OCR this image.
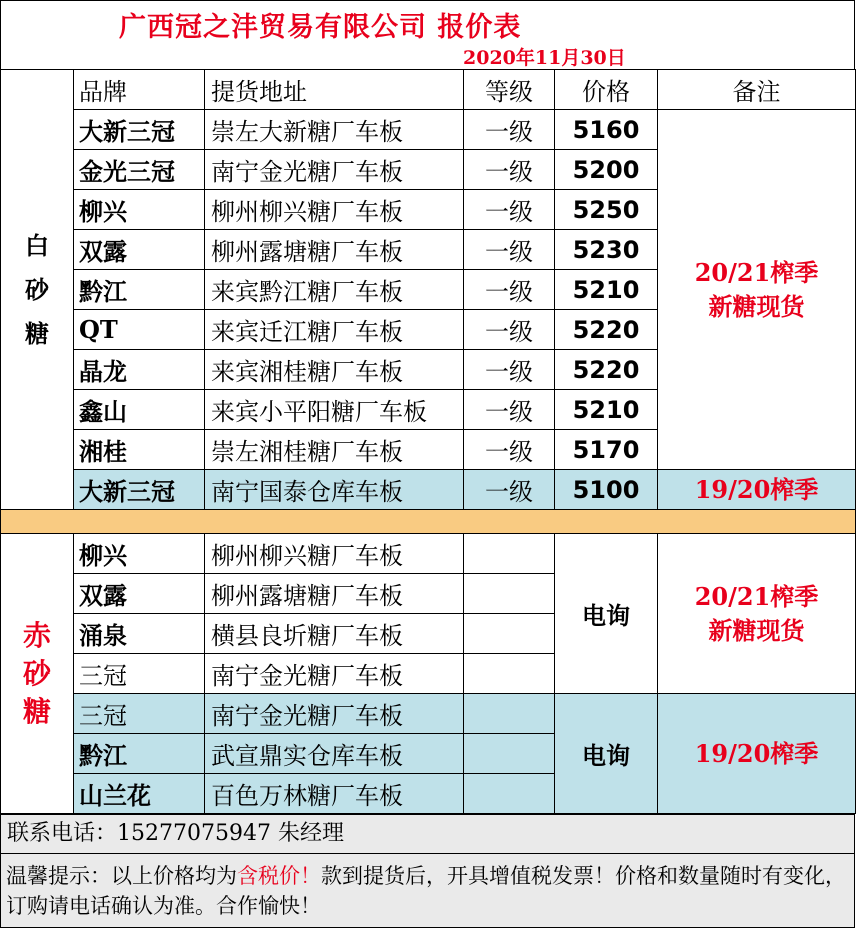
广西冠之沣贸易有限公司 报价表
2020年11月30日
白砂糖	品牌	提货地址	等级	价格	备注
	大新三冠	崇左大新糖厂车板	一级	5160	20/21榨季
新糖现货

	金光三冠	南宁金光糖厂车板	一级	5200	
	柳兴	柳州柳兴糖厂车板	一级	5250	
	双露	柳州露塘糖厂车板	一级	5230	
	黔江	来宾黔江糖厂车板	一级	5210	
	QT	来宾迁江糖厂车板	一级	5220	
	晶龙	来宾湘桂糖厂车板	一级	5220	
	鑫山	来宾小平阳糖厂车板	一级	5210	
	湘桂	崇左湘桂糖厂车板	一级	5170	
	大新三冠	南宁国泰仓库车板	一级	5100	19/20榨季

赤砂糖	柳兴	柳州柳兴糖厂车板		电询	20/21榨季
新糖现货

	双露	柳州露塘糖厂车板			
	涌泉	横县良圻糖厂车板			
	三冠	南宁金光糖厂车板			
	三冠	南宁金光糖厂车板		电询	19/20榨季
	黔江	武宣鼎实仓库车板			
	山兰花	百色万林糖厂车板			
联系电话：15277075947 朱经理
温馨提示：以上价格均为含税价！款到提货后，开具增值税发票！价格和数量随时有变化，订购请电话确认为准。合作愉快！
